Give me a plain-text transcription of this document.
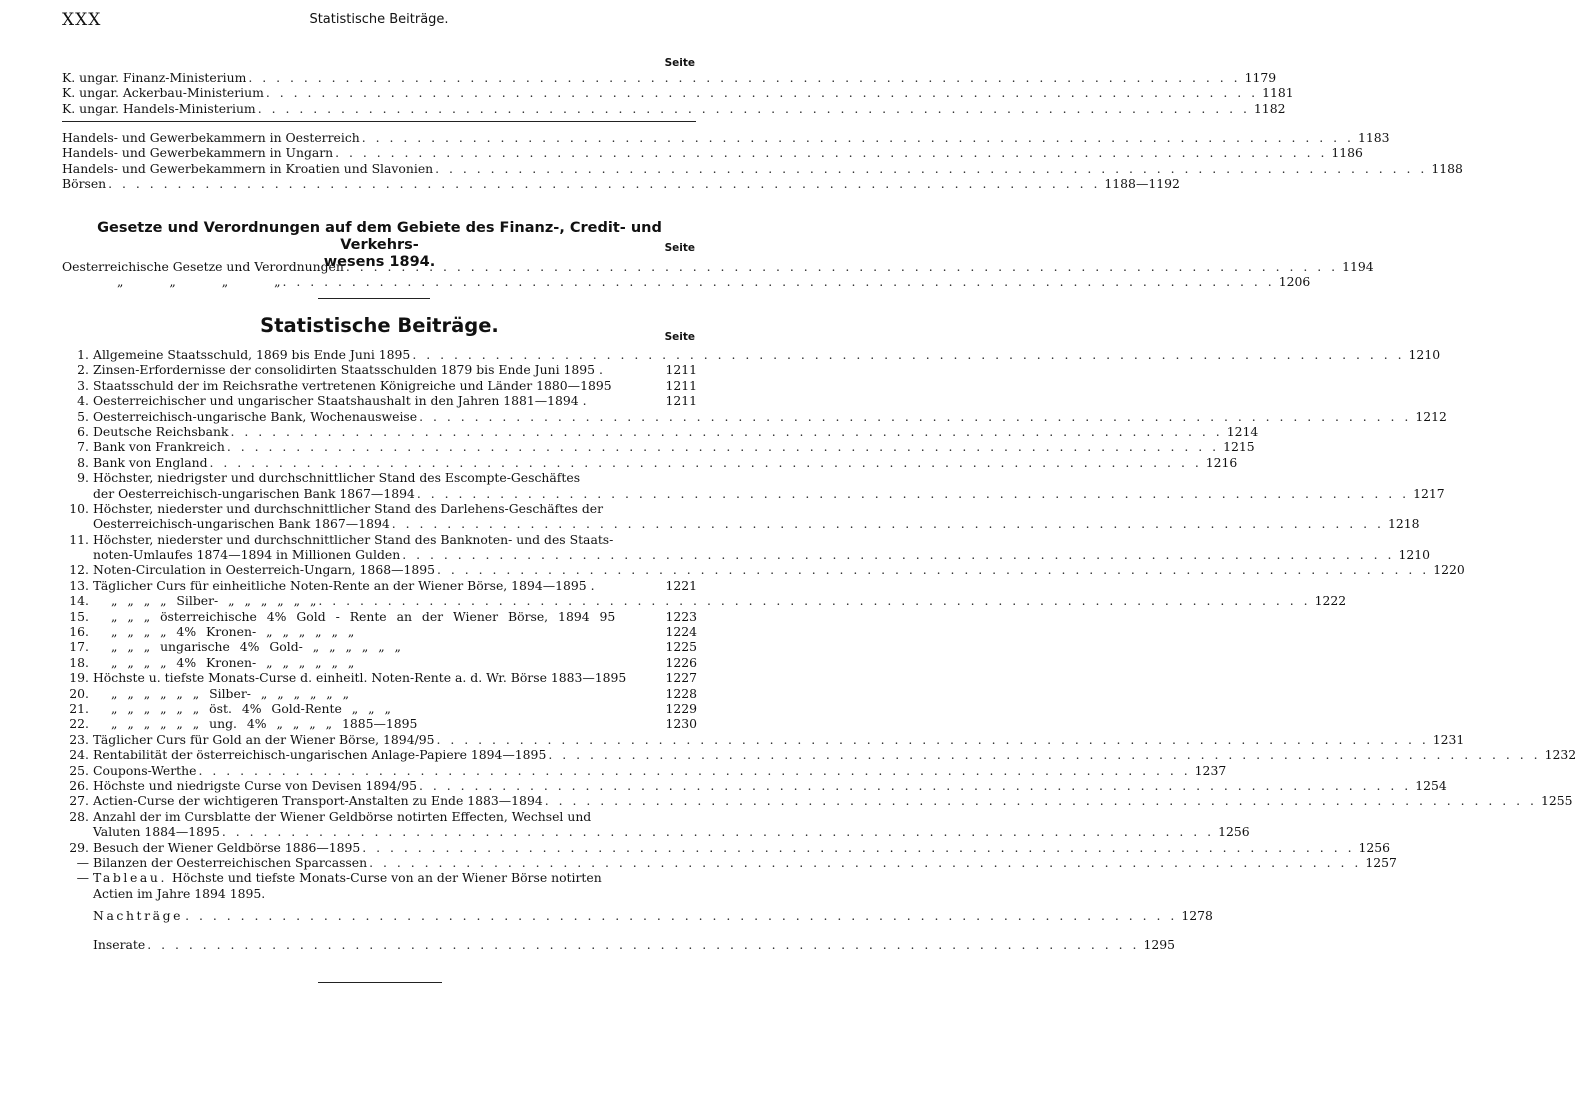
XXX	Statistische Beiträge.
Seite
K. ungar. Finanz-Ministerium . . .	1179
K. ungar. Ackerbau-Ministerium . . .	1181
K. ungar. Handels-Ministerium . . .	1182
Handels- und Gewerbekammern in Oesterreich . . .	1183
Handels- und Gewerbekammern in Ungarn . . .	1186
Handels- und Gewerbekammern in Kroatien und Slavonien . . .	1188
Börsen . . .	1188—1192
Gesetze und Verordnungen auf dem Gebiete des Finanz-, Credit- und Verkehrs-
wesens 1894.
Seite
Oesterreichische Gesetze und Verordnungen . . .	1194
„ „ „ „ . . .	1206
Statistische Beiträge.	Seite
1. Allgemeine Staatsschuld, 1869 bis Ende Juni 1895 . . .	1210
2. Zinsen-Erfordernisse der consolidirten Staatsschulden 1879 bis Ende Juni 1895 .	1211
3. Staatsschuld der im Reichsrathe vertretenen Königreiche und Länder 1880—1895	1211
4. Oesterreichischer und ungarischer Staatshaushalt in den Jahren 1881—1894 .	1211
5. Oesterreichisch-ungarische Bank, Wochenausweise . . .	1212
6. Deutsche Reichsbank . . .	1214
7. Bank von Frankreich . . .	1215
8. Bank von England . . .	1216
9. Höchster, niedrigster und durchschnittlicher Stand des Escompte-Geschäftes
der Oesterreichisch-ungarischen Bank 1867—1894 . . .	1217
10. Höchster, niederster und durchschnittlicher Stand des Darlehens-Geschäftes der
Oesterreichisch-ungarischen Bank 1867—1894 . . .	1218
11. Höchster, niederster und durchschnittlicher Stand des Banknoten- und des Staats-
noten-Umlaufes 1874—1894 in Millionen Gulden . . .	1210
12. Noten-Circulation in Oesterreich-Ungarn, 1868—1895 . . .	1220
13. Täglicher Curs für einheitliche Noten-Rente an der Wiener Börse, 1894—1895 .	1221
14.	„ „ „ „ Silber- „ „ „ „ „ „ . . .	1222
15.	„ „ „ österreichische 4% Gold - Rente an der Wiener Börse, 1894 95	1223
16.	„ „ „ „ 4% Kronen- „ „ „ „ „ „	1224
17.	„ „ „ ungarische 4% Gold- „ „ „ „ „ „	1225
18.	„ „ „ „ 4% Kronen- „ „ „ „ „ „	1226
19. Höchste u. tiefste Monats-Curse d. einheitl. Noten-Rente a. d. Wr. Börse 1883—1895	1227
20.	„ „ „ „ „ „ Silber- „ „ „ „ „ „	1228
21.	„ „ „ „ „ „ öst. 4% Gold-Rente „ „ „	1229
22.	„ „ „ „ „ „ ung. 4% „ „ „ „ 1885—1895	1230
23. Täglicher Curs für Gold an der Wiener Börse, 1894/95 . . .	1231
24. Rentabilität der österreichisch-ungarischen Anlage-Papiere 1894—1895 . . .	1232
25. Coupons-Werthe . . .	1237
26. Höchste und niedrigste Curse von Devisen 1894/95 . . .	1254
27. Actien-Curse der wichtigeren Transport-Anstalten zu Ende 1883—1894 . . .	1255
28. Anzahl der im Cursblatte der Wiener Geldbörse notirten Effecten, Wechsel und
Valuten 1884—1895 . . .	1256
29. Besuch der Wiener Geldbörse 1886—1895 . . .	1256
— Bilanzen der Oesterreichischen Sparcassen . . .	1257
— Tableau. Höchste und tiefste Monats-Curse von an der Wiener Börse notirten
Actien im Jahre 1894 1895.
Nachträge . . .	1278
Inserate . . .	1295
